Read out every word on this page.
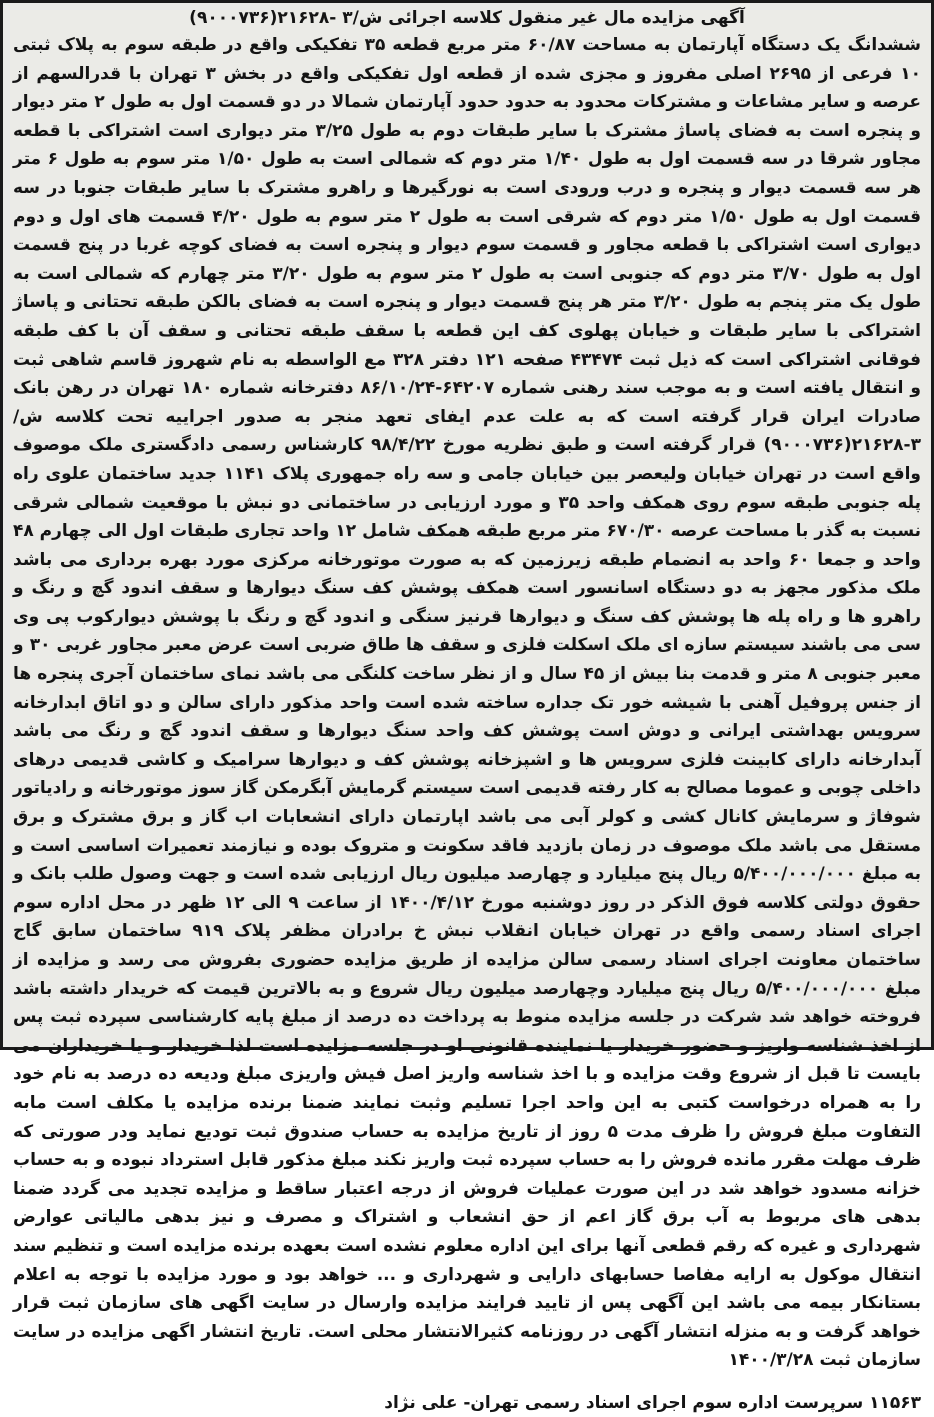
آگهی مزایده مال غیر منقول کلاسه اجرائی ش/۳ -۲۱۶۲۸(۹۰۰۰۷۳۶)

ششدانگ یک دستگاه آپارتمان به مساحت ۶۰/۸۷ متر مربع قطعه ۳۵ تفکیکی واقع در طبقه سوم به پلاک ثبتی ۱۰ فرعی از ۲۶۹۵ اصلی مفروز و مجزی شده از قطعه اول تفکیکی واقع در بخش ۳ تهران با قدرالسهم از عرصه و سایر مشاعات و مشترکات محدود به حدود حدود آپارتمان شمالا در دو قسمت اول به طول ۲ متر دیوار و پنجره است به فضای پاساژ مشترک با سایر طبقات دوم به طول ۳/۲۵ متر دیواری است اشتراکی با قطعه مجاور شرقا در سه قسمت اول به طول ۱/۴۰ متر دوم که شمالی است به طول ۱/۵۰ متر سوم به طول ۶ متر هر سه قسمت دیوار و پنجره و درب ورودی است به نورگیرها و راهرو مشترک با سایر طبقات جنوبا در سه قسمت اول به طول ۱/۵۰ متر دوم که شرقی است به طول ۲ متر سوم به طول ۴/۲۰ قسمت های اول و دوم دیواری است اشتراکی با قطعه مجاور و قسمت سوم دیوار و پنجره است به فضای کوچه غربا در پنج قسمت اول به طول ۳/۷۰ متر دوم که جنوبی است به طول ۲ متر سوم به طول ۳/۲۰ متر چهارم که شمالی است به طول یک متر پنجم به طول ۳/۲۰ متر هر پنج قسمت دیوار و پنجره است به فضای بالکن طبقه تحتانی و پاساژ اشتراکی با سایر طبقات و خیابان پهلوی کف این قطعه با سقف طبقه تحتانی و سقف آن با کف طبقه فوقانی اشتراکی است که ذیل ثبت ۴۳۴۷۴ صفحه ۱۲۱ دفتر ۳۲۸ مع الواسطه به نام شهروز قاسم شاهی ثبت و انتقال یافته است و به موجب سند رهنی شماره ۶۴۲۰۷-۸۶/۱۰/۲۴ دفترخانه شماره ۱۸۰ تهران در رهن بانک صادرات ایران قرار گرفته است که به علت عدم ایفای تعهد منجر به صدور اجراییه تحت کلاسه ش/۳-۲۱۶۲۸(۹۰۰۰۷۳۶) قرار گرفته است و طبق نظریه مورخ ۹۸/۴/۲۲ کارشناس رسمی دادگستری ملک موصوف واقع است در تهران خیابان ولیعصر بین خیابان جامی و سه راه جمهوری پلاک ۱۱۴۱ جدید ساختمان علوی راه پله جنوبی طبقه سوم روی همکف واحد ۳۵ و مورد ارزیابی در ساختمانی دو نبش با موقعیت شمالی شرقی نسبت به گذر با مساحت عرصه ۶۷۰/۳۰ متر مربع طبقه همکف شامل ۱۲ واحد تجاری طبقات اول الی چهارم ۴۸ واحد و جمعا ۶۰ واحد به انضمام طبقه زیرزمین که به صورت موتورخانه مرکزی مورد بهره برداری می باشد ملک مذکور مجهز به دو دستگاه اسانسور است همکف پوشش کف سنگ دیوارها و سقف اندود گچ و رنگ و راهرو ها و راه پله ها پوشش کف سنگ و دیوارها قرنیز سنگی و اندود گچ و رنگ با پوشش دیوارکوب پی وی سی می باشند سیستم سازه ای ملک اسکلت فلزی و سقف ها طاق ضربی است عرض معبر مجاور غربی ۳۰ و معبر جنوبی ۸ متر و قدمت بنا بیش از ۴۵ سال و از نظر ساخت کلنگی می باشد نمای ساختمان آجری پنجره ها از جنس پروفیل آهنی با شیشه خور تک جداره ساخته شده است واحد مذکور دارای سالن و دو اتاق ابدارخانه سرویس بهداشتی ایرانی و دوش است پوشش کف واحد سنگ دیوارها و سقف اندود گچ و رنگ می باشد آبدارخانه دارای کابینت فلزی سرویس ها و اشپزخانه پوشش کف و دیوارها سرامیک و کاشی قدیمی درهای داخلی چوبی و عموما مصالح به کار رفته قدیمی است سیستم گرمایش آبگرمکن گاز سوز موتورخانه و رادیاتور شوفاژ و سرمایش کانال کشی و کولر آبی می باشد اپارتمان دارای انشعابات اب گاز و برق مشترک و برق مستقل می باشد ملک موصوف در زمان بازدید فاقد سکونت و متروک بوده و نیازمند تعمیرات اساسی است و به مبلغ ۵/۴۰۰/۰۰۰/۰۰۰ ریال پنج میلیارد و چهارصد میلیون ریال ارزیابی شده است و جهت وصول طلب بانک و حقوق دولتی کلاسه فوق الذکر در روز دوشنبه مورخ ۱۴۰۰/۴/۱۲ از ساعت ۹ الی ۱۲ ظهر در محل اداره سوم اجرای اسناد رسمی واقع در تهران خیابان انقلاب نبش خ برادران مظفر پلاک ۹۱۹ ساختمان سابق گاج ساختمان معاونت اجرای اسناد رسمی سالن مزایده از طریق مزایده حضوری بفروش می رسد و مزایده از مبلغ ۵/۴۰۰/۰۰۰/۰۰۰ ریال پنج میلیارد وچهارصد میلیون ریال شروع و به بالاترین قیمت که خریدار داشته باشد فروخته خواهد شد شرکت در جلسه مزایده منوط به پرداخت ده درصد از مبلغ پایه کارشناسی سپرده ثبت پس از اخذ شناسه واریز و حضور خریدار یا نماینده قانونی او در جلسه مزایده است لذا خریدار و یا خریداران می بایست تا قبل از شروع وقت مزایده و با اخذ شناسه واریز اصل فیش واریزی مبلغ ودیعه ده درصد به نام خود را به همراه درخواست کتبی به این واحد اجرا تسلیم وثبت نمایند ضمنا برنده مزایده یا مکلف است مابه التفاوت مبلغ فروش را ظرف مدت ۵ روز از تاریخ مزایده به حساب صندوق ثبت تودیع نماید ودر صورتی که ظرف مهلت مقرر مانده فروش را به حساب سپرده ثبت واریز نکند مبلغ مذکور قابل استرداد نبوده و به حساب خزانه مسدود خواهد شد در این صورت عملیات فروش از درجه اعتبار ساقط و مزایده تجدید می گردد ضمنا بدهی های مربوط به آب برق گاز اعم از حق انشعاب و اشتراک و مصرف و نیز بدهی مالیاتی عوارض شهرداری و غیره که رقم قطعی آنها برای این اداره معلوم نشده است بعهده برنده مزایده است و تنظیم سند انتقال موکول به ارایه مفاصا حسابهای دارایی و شهرداری و ... خواهد بود و مورد مزایده با توجه به اعلام بستانکار بیمه می باشد این آگهی پس از تایید فرایند مزایده وارسال در سایت اگهی های سازمان ثبت قرار خواهد گرفت و به منزله انتشار آگهی در روزنامه کثیرالانتشار محلی است. تاریخ انتشار اگهی مزایده در سایت سازمان ثبت ۱۴۰۰/۳/۲۸

۱۱۵۶۳ سرپرست اداره سوم اجرای اسناد رسمی تهران- علی نژاد
